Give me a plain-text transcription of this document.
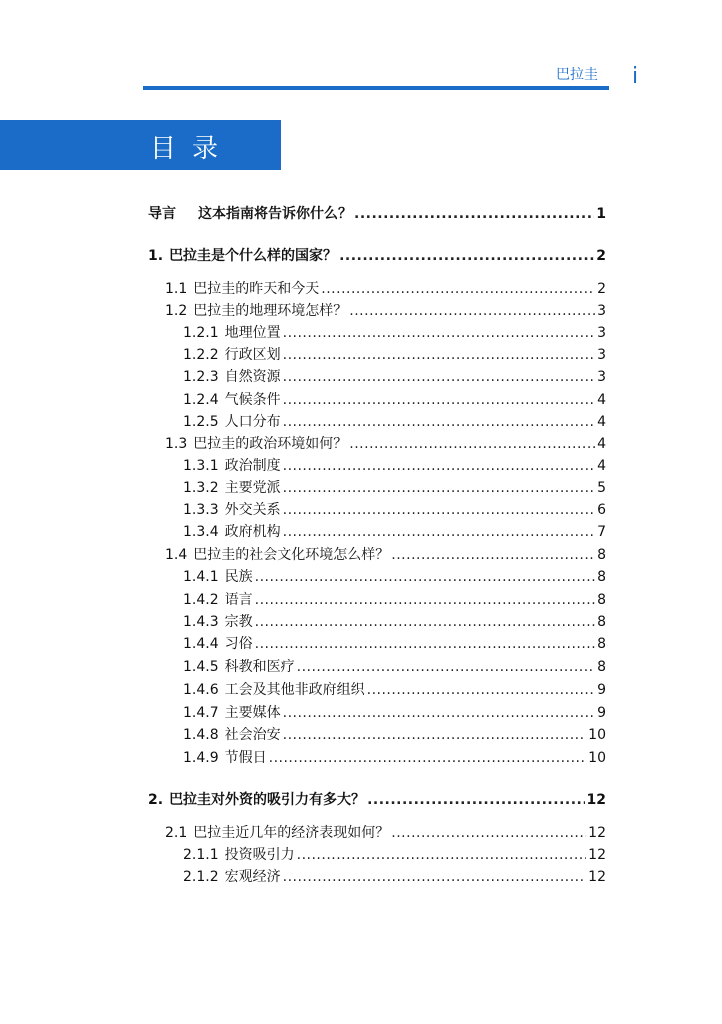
巴拉圭 i
目录
导言 这本指南将告诉你什么？ .....	1
1. 巴拉圭是个什么样的国家？ .....	2
1.1 巴拉圭的昨天和今天 .....	2
1.2 巴拉圭的地理环境怎样？ .....	3
1.2.1 地理位置 .....	3
1.2.2 行政区划 .....	3
1.2.3 自然资源 .....	3
1.2.4 气候条件 .....	4
1.2.5 人口分布 .....	4
1.3 巴拉圭的政治环境如何？ .....	4
1.3.1 政治制度 .....	4
1.3.2 主要党派 .....	5
1.3.3 外交关系 .....	6
1.3.4 政府机构 .....	7
1.4 巴拉圭的社会文化环境怎么样？ .....	8
1.4.1 民族 .....	8
1.4.2 语言 .....	8
1.4.3 宗教 .....	8
1.4.4 习俗 .....	8
1.4.5 科教和医疗 .....	8
1.4.6 工会及其他非政府组织 .....	9
1.4.7 主要媒体 .....	9
1.4.8 社会治安 .....	10
1.4.9 节假日 .....	10
2. 巴拉圭对外资的吸引力有多大？ .....	12
2.1 巴拉圭近几年的经济表现如何？ .....	12
2.1.1 投资吸引力 .....	12
2.1.2 宏观经济 .....	12
